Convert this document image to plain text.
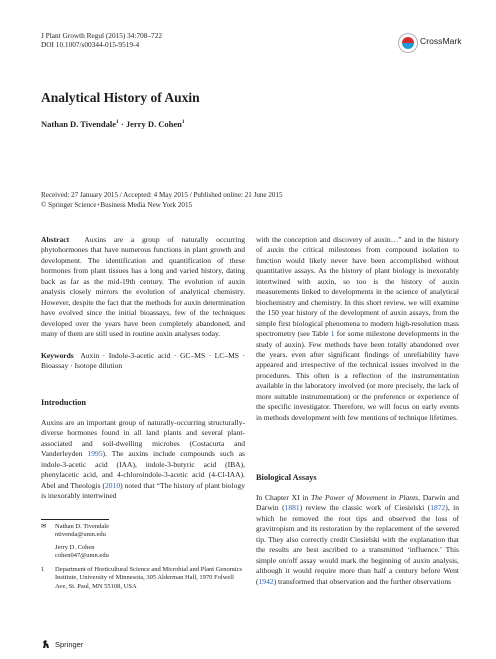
J Plant Growth Regul (2015) 34:708–722
DOI 10.1007/s00344-015-9519-4	CrossMark
Analytical History of Auxin
Nathan D. Tivendale$^1$ · Jerry D. Cohen$^1$
Received: 27 January 2015 / Accepted: 4 May 2015 / Published online: 21 June 2015
© Springer Science+Business Media New York 2015

Abstract Auxins are a group of naturally occurring phytohormones that have numerous functions in plant growth and development. The identification and quantification of these hormones from plant tissues has a long and varied history, dating back as far as the mid-19th century. The evolution of auxin analysis closely mirrors the evolution of analytical chemistry. However, despite the fact that the methods for auxin determination have evolved since the initial bioassays, few of the techniques developed over the years have been completely abandoned, and many of them are still used in routine auxin analyses today.

Keywords Auxin · Indole-3-acetic acid · GC–MS · LC–MS · Bioassay · Isotope dilution

Introduction

Auxins are an important group of naturally-occurring structurally-diverse hormones found in all land plants and several plant-associated and soil-dwelling microbes (Costacurta and Vanderleyden 1995). The auxins include compounds such as indole-3-acetic acid (IAA), indole-3-butyric acid (IBA), phenylacetic acid, and 4-chloroindole-3-acetic acid (4-Cl-IAA). Abel and Theologis (2010) noted that “The history of plant biology is inexorably intertwined

✉	Nathan D. Tivendale
ntivenda@umn.edu
Jerry D. Cohen
cohen047@umn.edu
1	Department of Horticultural Science and Microbial and Plant Genomics Institute, University of Minnesota, 305 Alderman Hall, 1970 Folwell Ave, St. Paul, MN 55108, USA

with the conception and discovery of auxin…” and in the history of auxin the critical milestones from compound isolation to function would likely never have been accomplished without quantitative assays. As the history of plant biology is inexorably intertwined with auxin, so too is the history of auxin measurements linked to developments in the science of analytical biochemistry and chemistry. In this short review, we will examine the 150 year history of the development of auxin assays, from the simple first biological phenomena to modern high-resolution mass spectrometry (see Table 1 for some milestone developments in the study of auxin). Few methods have been totally abandoned over the years, even after significant findings of unreliability have appeared and irrespective of the technical issues involved in the procedures. This often is a reflection of the instrumentation available in the laboratory involved (or more precisely, the lack of more suitable instrumentation) or the preference or experience of the specific investigator. Therefore, we will focus on early events in methods development with few mentions of technique lifetimes.

Biological Assays

In Chapter XI in The Power of Movement in Plants, Darwin and Darwin (1881) review the classic work of Ciesielski (1872), in which he removed the root tips and observed the loss of gravitropism and its restoration by the replacement of the severed tip. They also correctly credit Ciesielski with the explanation that the results are best ascribed to a transmitted ‘influence.’ This simple on/off assay would mark the beginning of auxin analysis, although it would require more than half a century before Went (1942) transformed that observation and the further observations

Springer
